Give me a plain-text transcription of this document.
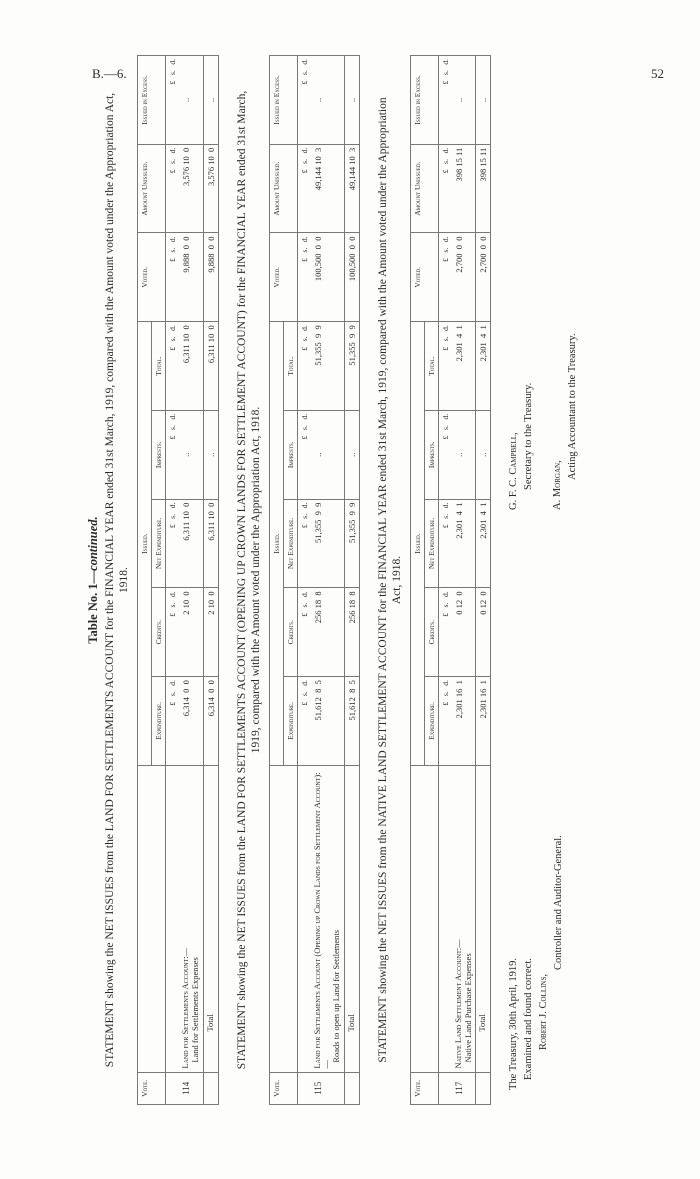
B.—6.	52
Table No. 1—continued. STATEMENT showing the NET ISSUES from the LAND FOR SETTLEMENTS ACCOUNT for the FINANCIAL YEAR ended 31st March, 1919, compared with the Amount voted under the Appropriation Act, 1918.
Vote.		Issued.					Voted.	Amount Unissued.	Issued in Excess.
		Expenditure.	Credits.	Net Expenditure.	Imprests.	Total.			
		£   s.   d.	£   s.   d.	£   s.   d.	£   s.   d.	£   s.   d.	£   s.   d.	£   s.   d.	£   s.   d.
114	Land for Settlements Account:— Land for Settlements Expenses	6,314  0  0	2 10  0	6,311 10  0	..	6,311 10  0	9,888  0  0	3,576 10  0	..
	Total	6,314  0  0	2 10  0	6,311 10  0	..	6,311 10  0	9,888  0  0	3,576 10  0	.. STATEMENT showing the NET ISSUES from the LAND FOR SETTLEMENTS ACCOUNT (OPENING UP CROWN LANDS FOR SETTLEMENT ACCOUNT) for the FINANCIAL YEAR ended 31st March, 1919, compared with the Amount voted under the Appropriation Act, 1918.
Vote.		Issued.					Voted.	Amount Unissued.	Issued in Excess.
		Expenditure.	Credits.	Net Expenditure.	Imprests.	Total.			
		£   s.   d.	£   s.   d.	£   s.   d.	£   s.   d.	£   s.   d.	£   s.   d.	£   s.   d.	£   s.   d.
115	Land for Settlements Account (Opening up Crown Lands for Settlement Account):—
Roads to open up Land for Settlements	51,612  8  5	256 18  8	51,355  9  9	..	51,355  9  9	100,500  0  0	49,144 10  3	..
	Total	51,612  8  5	256 18  8	51,355  9  9	..	51,355  9  9	100,500  0  0	49,144 10  3	.. STATEMENT showing the NET ISSUES from the NATIVE LAND SETTLEMENT ACCOUNT for the FINANCIAL YEAR ended 31st March, 1919, compared with the Amount voted under the Appropriation Act, 1918.
Vote.		Issued.					Voted.	Amount Unissued.	Issued in Excess.
		Expenditure.	Credits.	Net Expenditure.	Imprests.	Total.			
		£   s.   d.	£   s.   d.	£   s.   d.	£   s.   d.	£   s.   d.	£   s.   d.	£   s.   d.	£   s.   d.
117	Native Land Settlement Account:— Native Land Purchase Expenses	2,301 16  1	0 12  0	2,301  4  1	..	2,301  4  1	2,700  0  0	398 15 11	..
	Total	2,301 16  1	0 12  0	2,301  4  1	..	2,301  4  1	2,700  0  0	398 15 11	..
The Treasury, 30th April, 1919. Examined and found correct. Robert J. Collins,
Controller and Auditor-General.
G. F. C. Campbell, Secretary to the Treasury. A. Morgan,
Acting Accountant to the Treasury.
